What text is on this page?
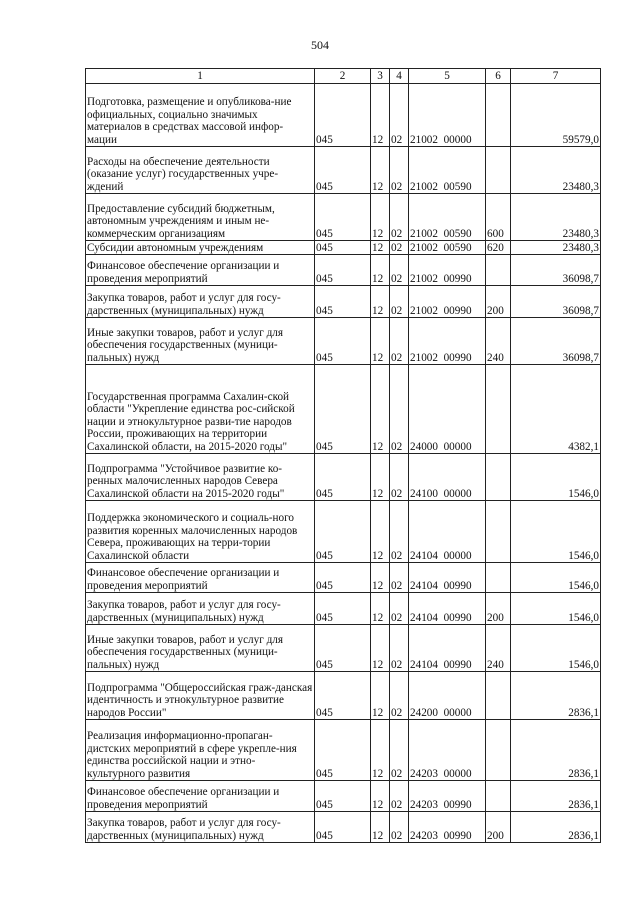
504
1	2	3	4	5	6	7
Подготовка, размещение и опубликова-ние официальных, социально значимых материалов в средствах массовой инфор-мации	045	12	02	21002  00000		59579,0
Расходы на обеспечение деятельности (оказание услуг) государственных учре-ждений	045	12	02	21002  00590		23480,3
Предоставление субсидий бюджетным, автономным учреждениям и иным не-коммерческим организациям	045	12	02	21002  00590	600	23480,3
Субсидии автономным учреждениям	045	12	02	21002  00590	620	23480,3
Финансовое обеспечение организации и проведения мероприятий	045	12	02	21002  00990		36098,7
Закупка товаров, работ и услуг для госу-дарственных (муниципальных) нужд	045	12	02	21002  00990	200	36098,7
Иные закупки товаров, работ и услуг для обеспечения государственных (муници-пальных) нужд	045	12	02	21002  00990	240	36098,7
Государственная программа Сахалин-ской области "Укрепление единства рос-сийской нации и этнокультурное разви-тие народов России, проживающих на территории Сахалинской области, на 2015-2020 годы"	045	12	02	24000  00000		4382,1
Подпрограмма "Устойчивое развитие ко-ренных малочисленных народов Севера Сахалинской области на 2015-2020 годы"	045	12	02	24100  00000		1546,0
Поддержка экономического и социаль-ного развития коренных малочисленных народов Севера, проживающих на терри-тории Сахалинской области	045	12	02	24104  00000		1546,0
Финансовое обеспечение организации и проведения мероприятий	045	12	02	24104  00990		1546,0
Закупка товаров, работ и услуг для госу-дарственных (муниципальных) нужд	045	12	02	24104  00990	200	1546,0
Иные закупки товаров, работ и услуг для обеспечения государственных (муници-пальных) нужд	045	12	02	24104  00990	240	1546,0
Подпрограмма "Общероссийская граж-данская идентичность и этнокультурное развитие народов России"	045	12	02	24200  00000		2836,1
Реализация информационно-пропаган-дистских мероприятий в сфере укрепле-ния единства российской нации и этно-культурного развития	045	12	02	24203  00000		2836,1
Финансовое обеспечение организации и проведения мероприятий	045	12	02	24203  00990		2836,1
Закупка товаров, работ и услуг для госу-дарственных (муниципальных) нужд	045	12	02	24203  00990	200	2836,1
